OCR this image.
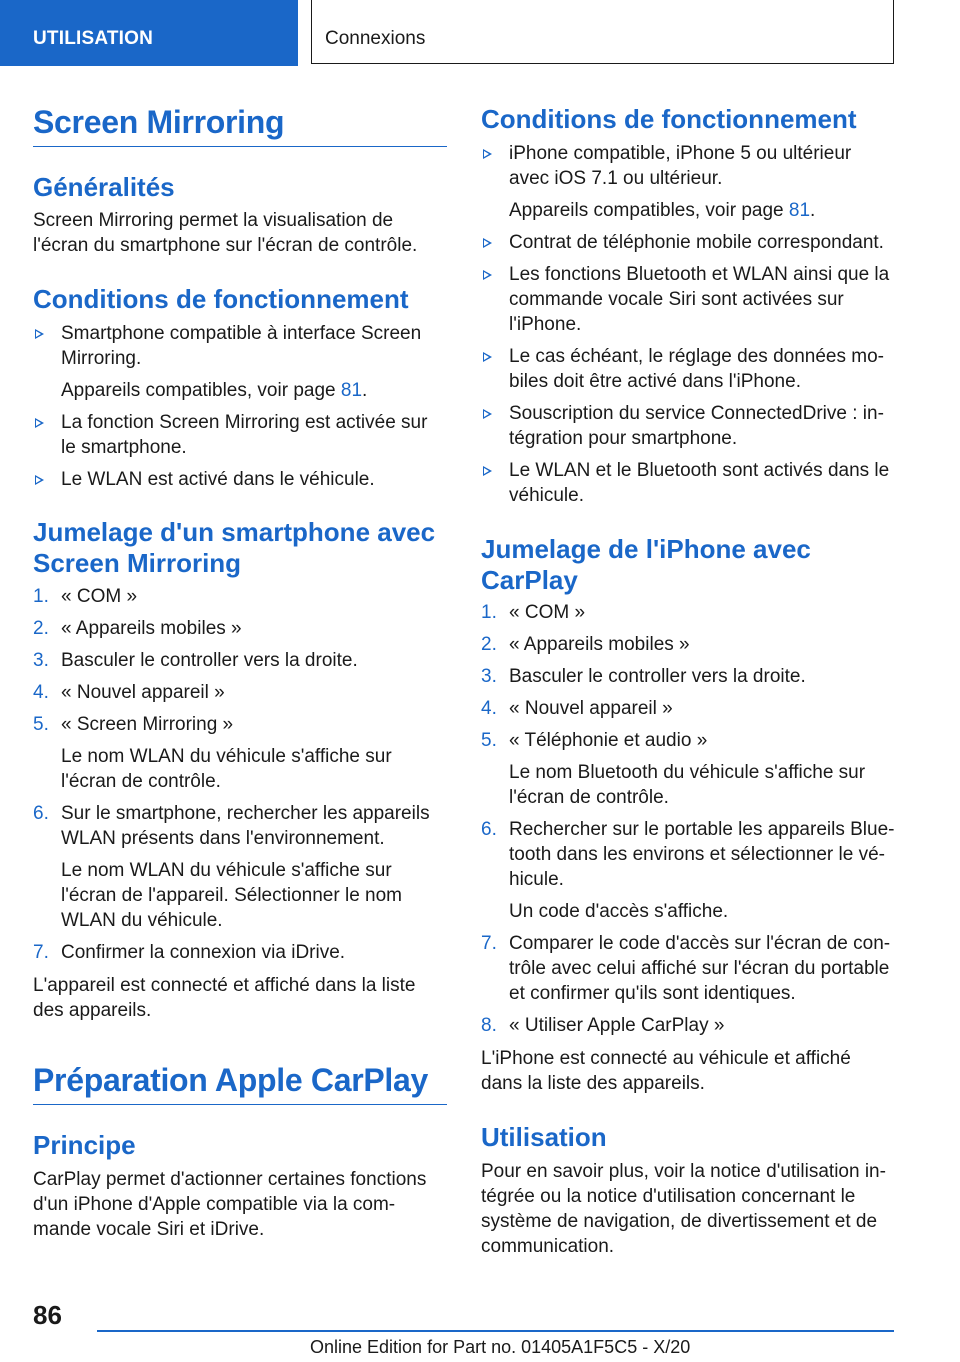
UTILISATION	Connexions
Screen Mirroring
Généralités
Screen Mirroring permet la visualisation de
l'écran du smartphone sur l'écran de contrôle.
Conditions de fonctionnement
Smartphone compatible à interface Screen
Mirroring.
Appareils compatibles, voir page 81.
La fonction Screen Mirroring est activée sur
le smartphone.
Le WLAN est activé dans le véhicule.
Jumelage d'un smartphone avec
Screen Mirroring
1. « COM »
2. « Appareils mobiles »
3. Basculer le controller vers la droite.
4. « Nouvel appareil »
5. « Screen Mirroring »
Le nom WLAN du véhicule s'affiche sur
l'écran de contrôle.
6. Sur le smartphone, rechercher les appareils
WLAN présents dans l'environnement.
Le nom WLAN du véhicule s'affiche sur
l'écran de l'appareil. Sélectionner le nom
WLAN du véhicule.
7. Confirmer la connexion via iDrive.
L'appareil est connecté et affiché dans la liste
des appareils.
Préparation Apple CarPlay
Principe
CarPlay permet d'actionner certaines fonctions
d'un iPhone d'Apple compatible via la com-
mande vocale Siri et iDrive.
Conditions de fonctionnement
iPhone compatible, iPhone 5 ou ultérieur
avec iOS 7.1 ou ultérieur.
Appareils compatibles, voir page 81.
Contrat de téléphonie mobile correspondant.
Les fonctions Bluetooth et WLAN ainsi que la
commande vocale Siri sont activées sur
l'iPhone.
Le cas échéant, le réglage des données mo-
biles doit être activé dans l'iPhone.
Souscription du service ConnectedDrive : in-
tégration pour smartphone.
Le WLAN et le Bluetooth sont activés dans le
véhicule.
Jumelage de l'iPhone avec
CarPlay
1. « COM »
2. « Appareils mobiles »
3. Basculer le controller vers la droite.
4. « Nouvel appareil »
5. « Téléphonie et audio »
Le nom Bluetooth du véhicule s'affiche sur
l'écran de contrôle.
6. Rechercher sur le portable les appareils Blue-
tooth dans les environs et sélectionner le vé-
hicule.
Un code d'accès s'affiche.
7. Comparer le code d'accès sur l'écran de con-
trôle avec celui affiché sur l'écran du portable
et confirmer qu'ils sont identiques.
8. « Utiliser Apple CarPlay »
L'iPhone est connecté au véhicule et affiché
dans la liste des appareils.
Utilisation
Pour en savoir plus, voir la notice d'utilisation in-
tégrée ou la notice d'utilisation concernant le
système de navigation, de divertissement et de
communication.
86
Online Edition for Part no. 01405A1F5C5 - X/20
